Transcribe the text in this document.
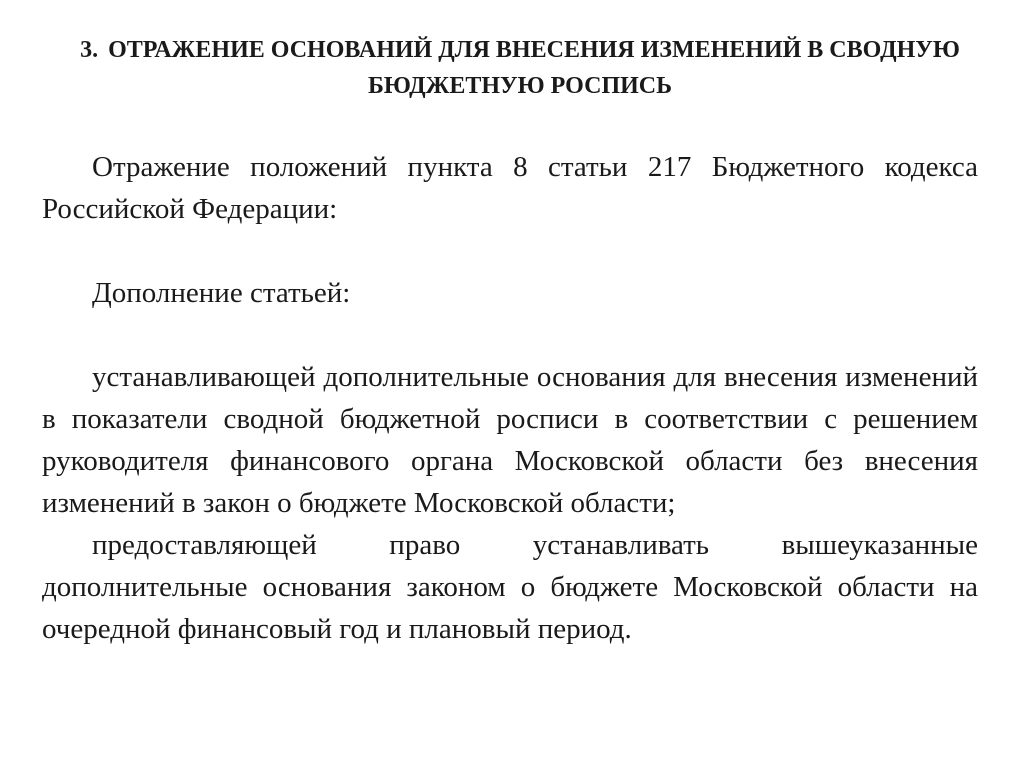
3. ОТРАЖЕНИЕ ОСНОВАНИЙ ДЛЯ ВНЕСЕНИЯ ИЗМЕНЕНИЙ В СВОДНУЮ БЮДЖЕТНУЮ РОСПИСЬ

Отражение положений пункта 8 статьи 217 Бюджетного кодекса Российской Федерации:

Дополнение статьей:

устанавливающей дополнительные основания для внесения изменений в показатели сводной бюджетной росписи в соответствии с решением руководителя финансового органа Московской области без внесения изменений в закон о бюджете Московской области;

предоставляющей право устанавливать вышеуказанные дополнительные основания законом о бюджете Московской области на очередной финансовый год и плановый период.
